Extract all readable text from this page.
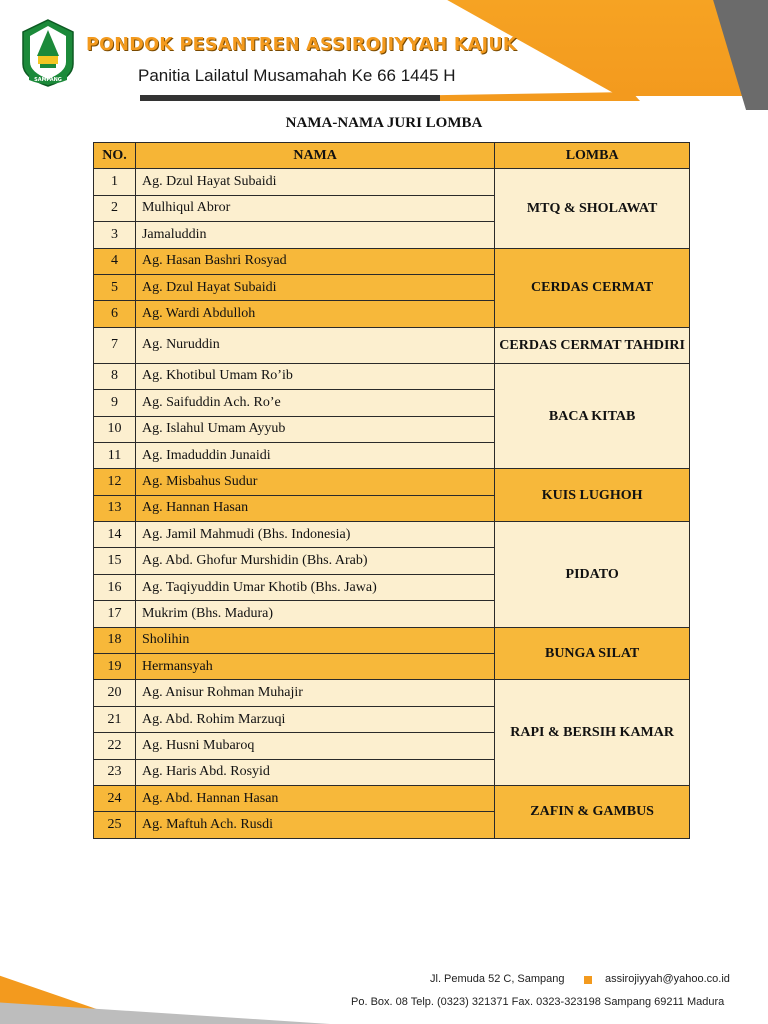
SAMPANG
PONDOK PESANTREN ASSIROJIYYAH KAJUK
Panitia Lailatul Musamahah Ke 66 1445 H
NAMA-NAMA JURI LOMBA
NO.	NAMA	LOMBA
1	Ag. Dzul Hayat Subaidi	MTQ & SHOLAWAT
2	Mulhiqul Abror	
3	Jamaluddin	
4	Ag. Hasan Bashri Rosyad	CERDAS CERMAT
5	Ag. Dzul Hayat Subaidi	
6	Ag. Wardi Abdulloh	
7	Ag. Nuruddin	CERDAS CERMAT TAHDIRI
8	Ag. Khotibul Umam Ro’ib	BACA KITAB
9	Ag. Saifuddin Ach. Ro’e	
10	Ag. Islahul Umam Ayyub	
11	Ag. Imaduddin Junaidi	
12	Ag. Misbahus Sudur	KUIS LUGHOH
13	Ag. Hannan Hasan	
14	Ag. Jamil Mahmudi (Bhs. Indonesia)	PIDATO
15	Ag. Abd. Ghofur Murshidin (Bhs. Arab)	
16	Ag. Taqiyuddin Umar Khotib (Bhs. Jawa)	
17	Mukrim (Bhs. Madura)	
18	Sholihin	BUNGA SILAT
19	Hermansyah	
20	Ag. Anisur Rohman Muhajir	RAPI & BERSIH KAMAR
21	Ag. Abd. Rohim Marzuqi	
22	Ag. Husni Mubaroq	
23	Ag. Haris Abd. Rosyid	
24	Ag. Abd. Hannan Hasan	ZAFIN & GAMBUS
25	Ag. Maftuh Ach. Rusdi	
Jl. Pemuda 52 C, Sampang	assirojiyyah@yahoo.co.id
Po. Box. 08 Telp. (0323) 321371 Fax. 0323-323198 Sampang 69211 Madura
